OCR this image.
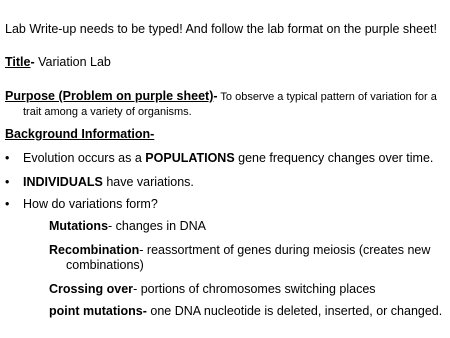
Lab Write-up needs to be typed! And follow the lab format on the purple sheet!
Title- Variation Lab
Purpose (Problem on purple sheet)- To observe a typical pattern of variation for a
trait among a variety of organisms.
Background Information-
• Evolution occurs as a POPULATIONS gene frequency changes over time.
• INDIVIDUALS have variations.
• How do variations form?
Mutations- changes in DNA
Recombination- reassortment of genes during meiosis (creates new
combinations)
Crossing over- portions of chromosomes switching places
point mutations- one DNA nucleotide is deleted, inserted, or changed.
